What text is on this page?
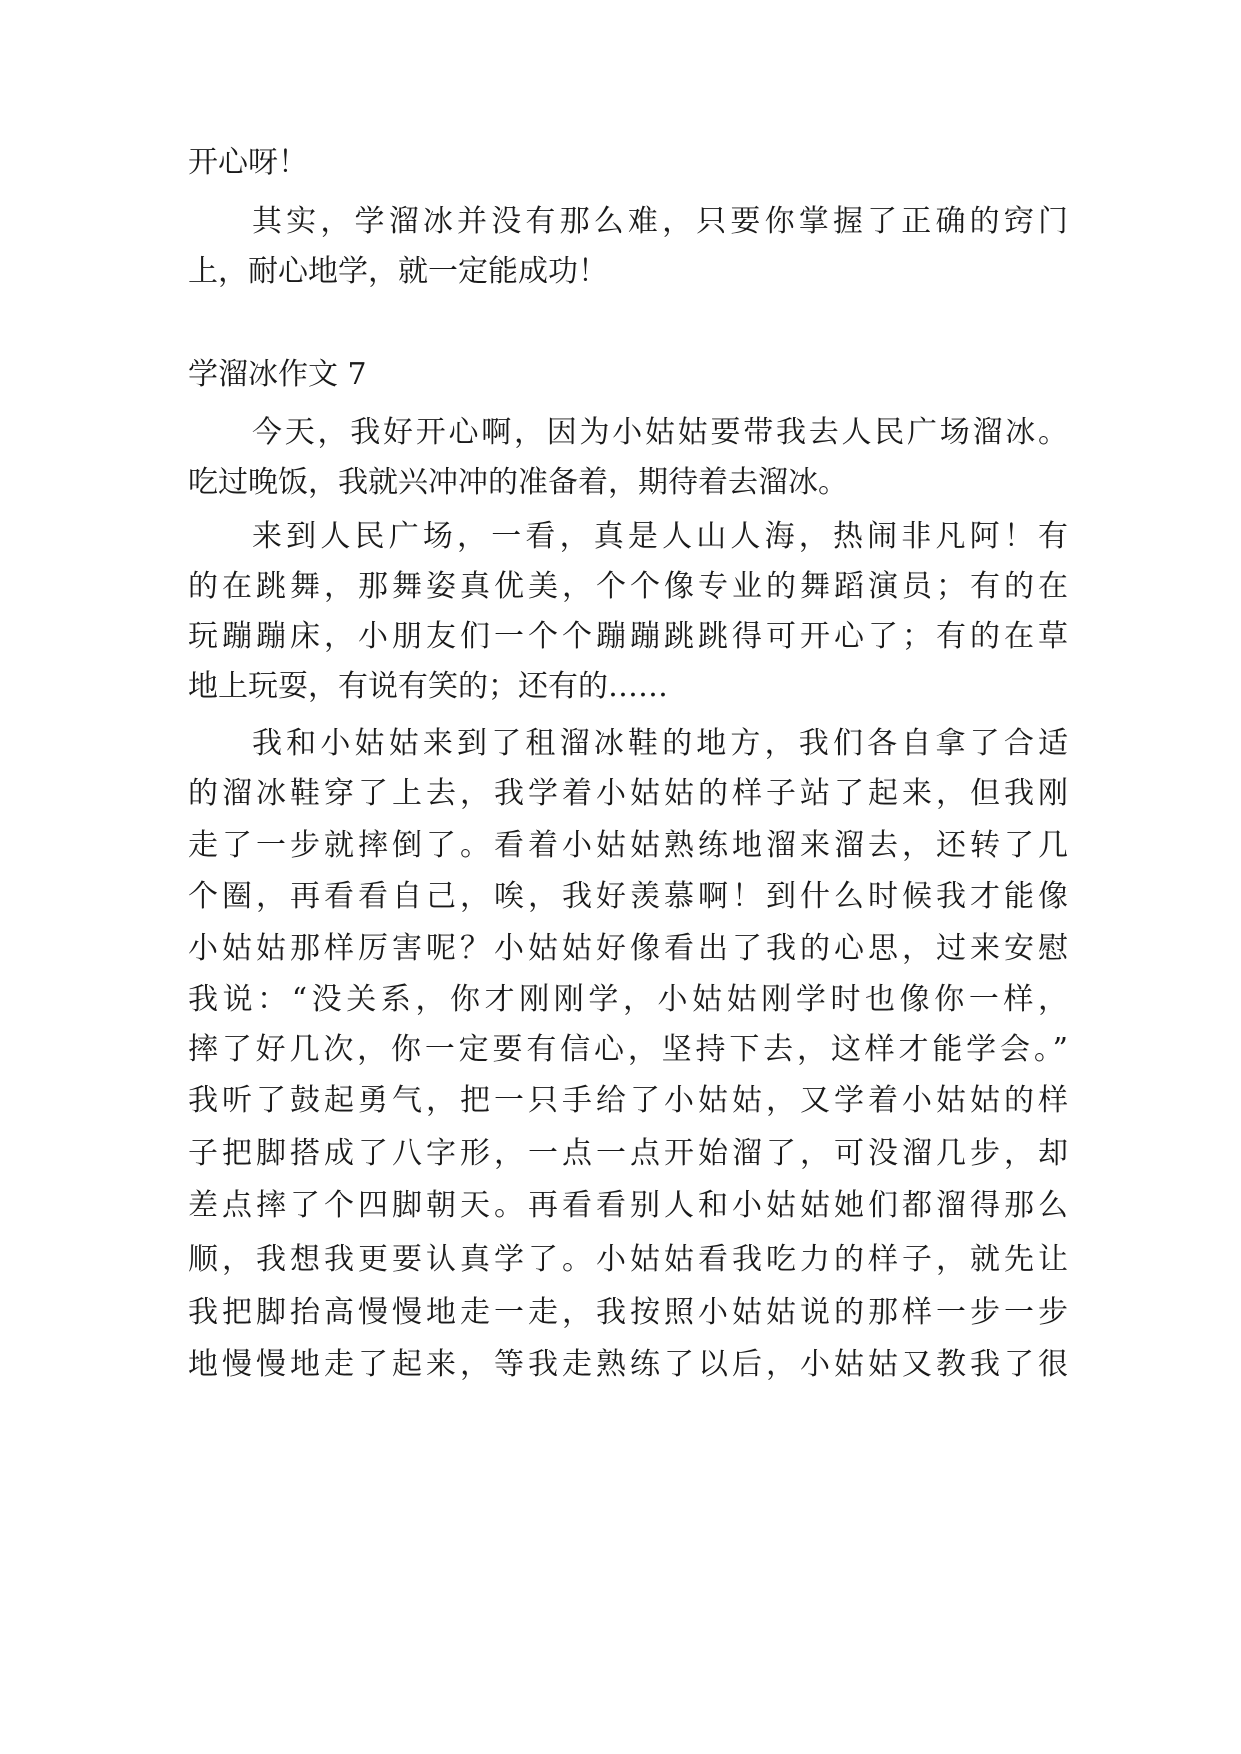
开心呀！
其实，学溜冰并没有那么难，只要你掌握了正确的窍门
上，耐心地学，就一定能成功！
学溜冰作文 7
今天，我好开心啊，因为小姑姑要带我去人民广场溜冰。
吃过晚饭，我就兴冲冲的准备着，期待着去溜冰。
来到人民广场，一看，真是人山人海，热闹非凡阿！有
的在跳舞，那舞姿真优美，个个像专业的舞蹈演员；有的在
玩蹦蹦床，小朋友们一个个蹦蹦跳跳得可开心了；有的在草
地上玩耍，有说有笑的；还有的……
我和小姑姑来到了租溜冰鞋的地方，我们各自拿了合适
的溜冰鞋穿了上去，我学着小姑姑的样子站了起来，但我刚
走了一步就摔倒了。看着小姑姑熟练地溜来溜去，还转了几
个圈，再看看自己，唉，我好羡慕啊！到什么时候我才能像
小姑姑那样厉害呢？小姑姑好像看出了我的心思，过来安慰
我说：“没关系，你才刚刚学，小姑姑刚学时也像你一样，
摔了好几次，你一定要有信心，坚持下去，这样才能学会。”
我听了鼓起勇气，把一只手给了小姑姑，又学着小姑姑的样
子把脚搭成了八字形，一点一点开始溜了，可没溜几步，却
差点摔了个四脚朝天。再看看别人和小姑姑她们都溜得那么
顺，我想我更要认真学了。小姑姑看我吃力的样子，就先让
我把脚抬高慢慢地走一走，我按照小姑姑说的那样一步一步
地慢慢地走了起来，等我走熟练了以后，小姑姑又教我了很
